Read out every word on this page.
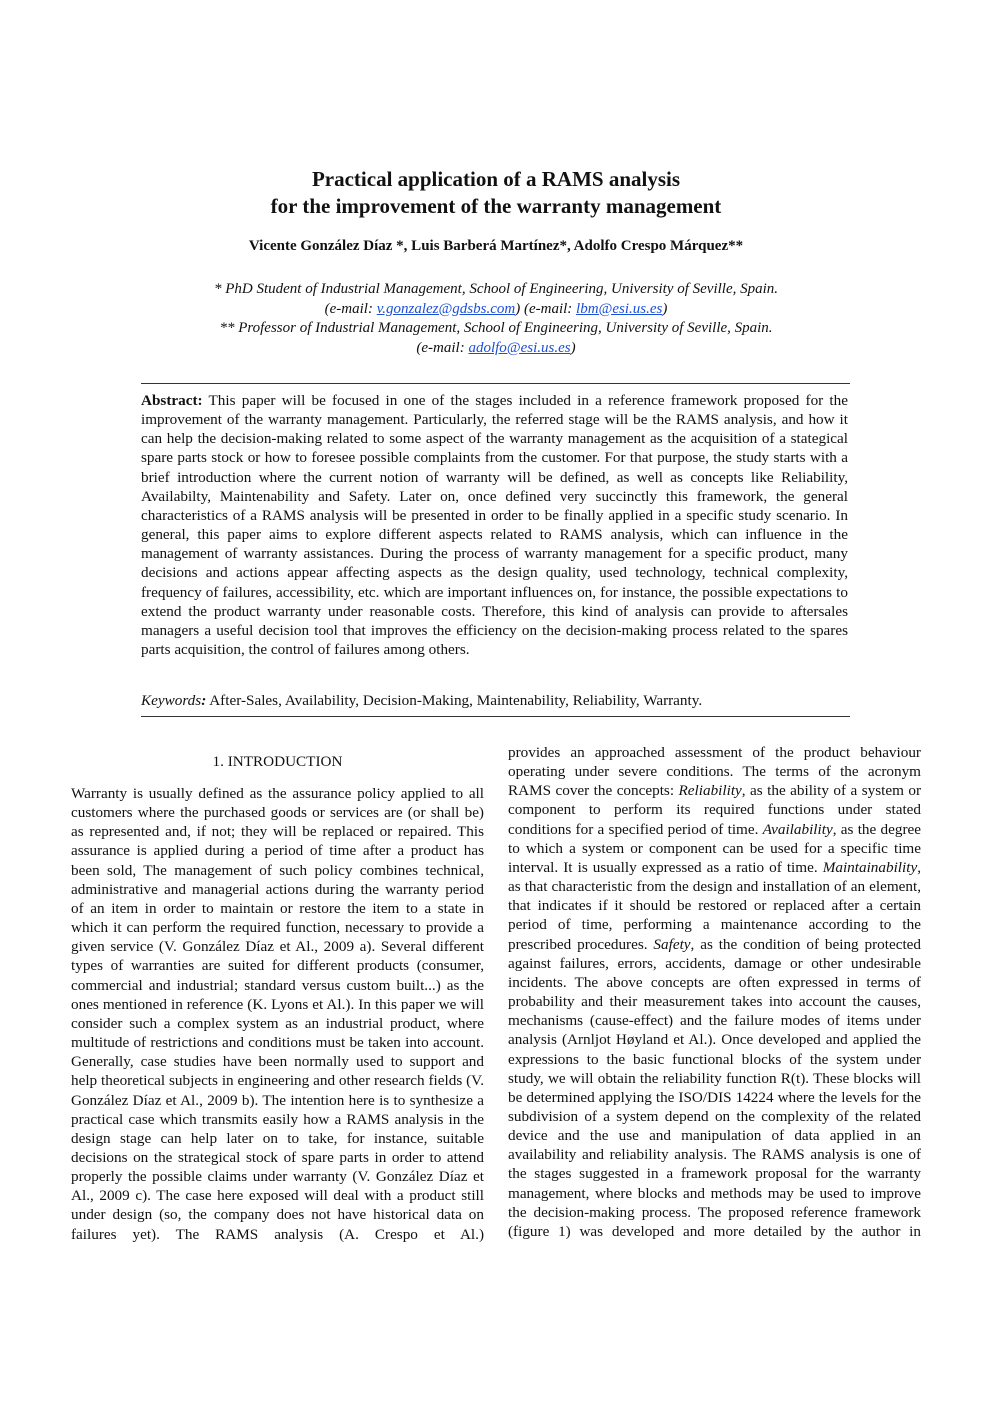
Practical application of a RAMS analysis
for the improvement of the warranty management
Vicente González Díaz *, Luis Barberá Martínez*, Adolfo Crespo Márquez**
* PhD Student of Industrial Management, School of Engineering, University of Seville, Spain.
(e-mail: v.gonzalez@gdsbs.com) (e-mail: lbm@esi.us.es)
** Professor of Industrial Management, School of Engineering, University of Seville, Spain.
(e-mail: adolfo@esi.us.es)
Abstract: This paper will be focused in one of the stages included in a reference framework proposed for the improvement of the warranty management. Particularly, the referred stage will be the RAMS analysis, and how it can help the decision-making related to some aspect of the warranty management as the acquisition of a stategical spare parts stock or how to foresee possible complaints from the customer. For that purpose, the study starts with a brief introduction where the current notion of warranty will be defined, as well as concepts like Reliability, Availabilty, Maintenability and Safety. Later on, once defined very succinctly this framework, the general characteristics of a RAMS analysis will be presented in order to be finally applied in a specific study scenario. In general, this paper aims to explore different aspects related to RAMS analysis, which can influence in the management of warranty assistances. During the process of warranty management for a specific product, many decisions and actions appear affecting aspects as the design quality, used technology, technical complexity, frequency of failures, accessibility, etc. which are important influences on, for instance, the possible expectations to extend the product warranty under reasonable costs. Therefore, this kind of analysis can provide to aftersales managers a useful decision tool that improves the efficiency on the decision-making process related to the spares parts acquisition, the control of failures among others.
Keywords: After-Sales, Availability, Decision-Making, Maintenability, Reliability, Warranty.
1. INTRODUCTION
Warranty is usually defined as the assurance policy applied to all customers where the purchased goods or services are (or shall be) as represented and, if not; they will be replaced or repaired. This assurance is applied during a period of time after a product has been sold, The management of such policy combines technical, administrative and managerial actions during the warranty period of an item in order to maintain or restore the item to a state in which it can perform the required function, necessary to provide a given service (V. González Díaz et Al., 2009 a). Several different types of warranties are suited for different products (consumer, commercial and industrial; standard versus custom built...) as the ones mentioned in reference (K. Lyons et Al.). In this paper we will consider such a complex system as an industrial product, where multitude of restrictions and conditions must be taken into account. Generally, case studies have been normally used to support and help theoretical subjects in engineering and other research fields (V. González Díaz et Al., 2009 b). The intention here is to synthesize a practical case which transmits easily how a RAMS analysis in the design stage can help later on to take, for instance, suitable decisions on the strategical stock of spare parts in order to attend properly the possible claims under warranty (V. González Díaz et Al., 2009 c). The case here exposed will deal with a product still under design (so, the company does not have historical data on failures yet). The RAMS analysis (A. Crespo et Al.)
provides an approached assessment of the product behaviour operating under severe conditions. The terms of the acronym RAMS cover the concepts: Reliability, as the ability of a system or component to perform its required functions under stated conditions for a specified period of time. Availability, as the degree to which a system or component can be used for a specific time interval. It is usually expressed as a ratio of time. Maintainability, as that characteristic from the design and installation of an element, that indicates if it should be restored or replaced after a certain period of time, performing a maintenance according to the prescribed procedures. Safety, as the condition of being protected against failures, errors, accidents, damage or other undesirable incidents. The above concepts are often expressed in terms of probability and their measurement takes into account the causes, mechanisms (cause-effect) and the failure modes of items under analysis (Arnljot Høyland et Al.). Once developed and applied the expressions to the basic functional blocks of the system under study, we will obtain the reliability function R(t). These blocks will be determined applying the ISO/DIS 14224 where the levels for the subdivision of a system depend on the complexity of the related device and the use and manipulation of data applied in an availability and reliability analysis. The RAMS analysis is one of the stages suggested in a framework proposal for the warranty management, where blocks and methods may be used to improve the decision-making process. The proposed reference framework (figure 1) was developed and more detailed by the author in
